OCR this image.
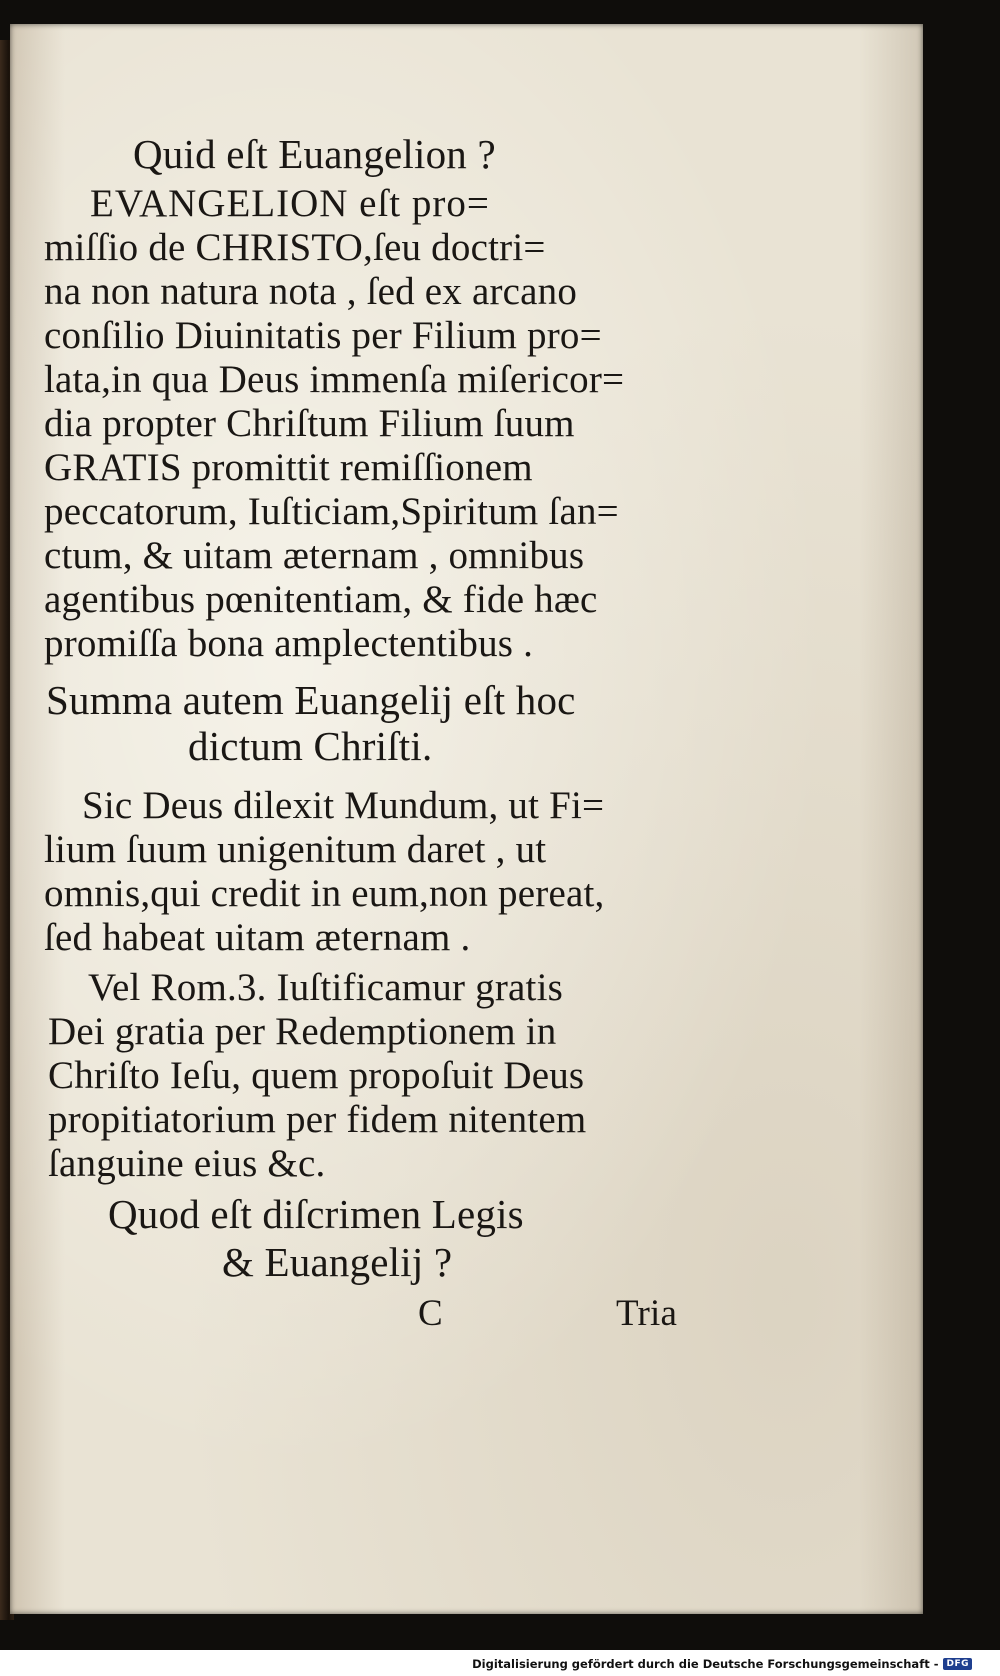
Quid eſt Euangelion ?
EVANGELION eſt pro=
miſſio de CHRISTO,ſeu doctri=
na non natura nota , ſed ex arcano
conſilio Diuinitatis per Filium pro=
lata,in qua Deus immenſa miſericor=
dia propter Chriſtum Filium ſuum
GRATIS promittit remiſſionem
peccatorum, Iuſticiam,Spiritum ſan=
ctum, & uitam æternam , omnibus
agentibus pœnitentiam, & fide hæc
promiſſa bona amplectentibus .
Summa autem Euangelij eſt hoc
dictum Chriſti.
Sic Deus dilexit Mundum, ut Fi=
lium ſuum unigenitum daret , ut
omnis,qui credit in eum,non pereat,
ſed habeat uitam æternam .
Vel Rom.3. Iuſtificamur gratis
Dei gratia per Redemptionem in
Chriſto Ieſu, quem propoſuit Deus
propitiatorium per fidem nitentem
ſanguine eius &c.
Quod eſt diſcrimen Legis
& Euangelij ?
C	Tria
Digitalisierung gefördert durch die Deutsche Forschungsgemeinschaft - DFG
